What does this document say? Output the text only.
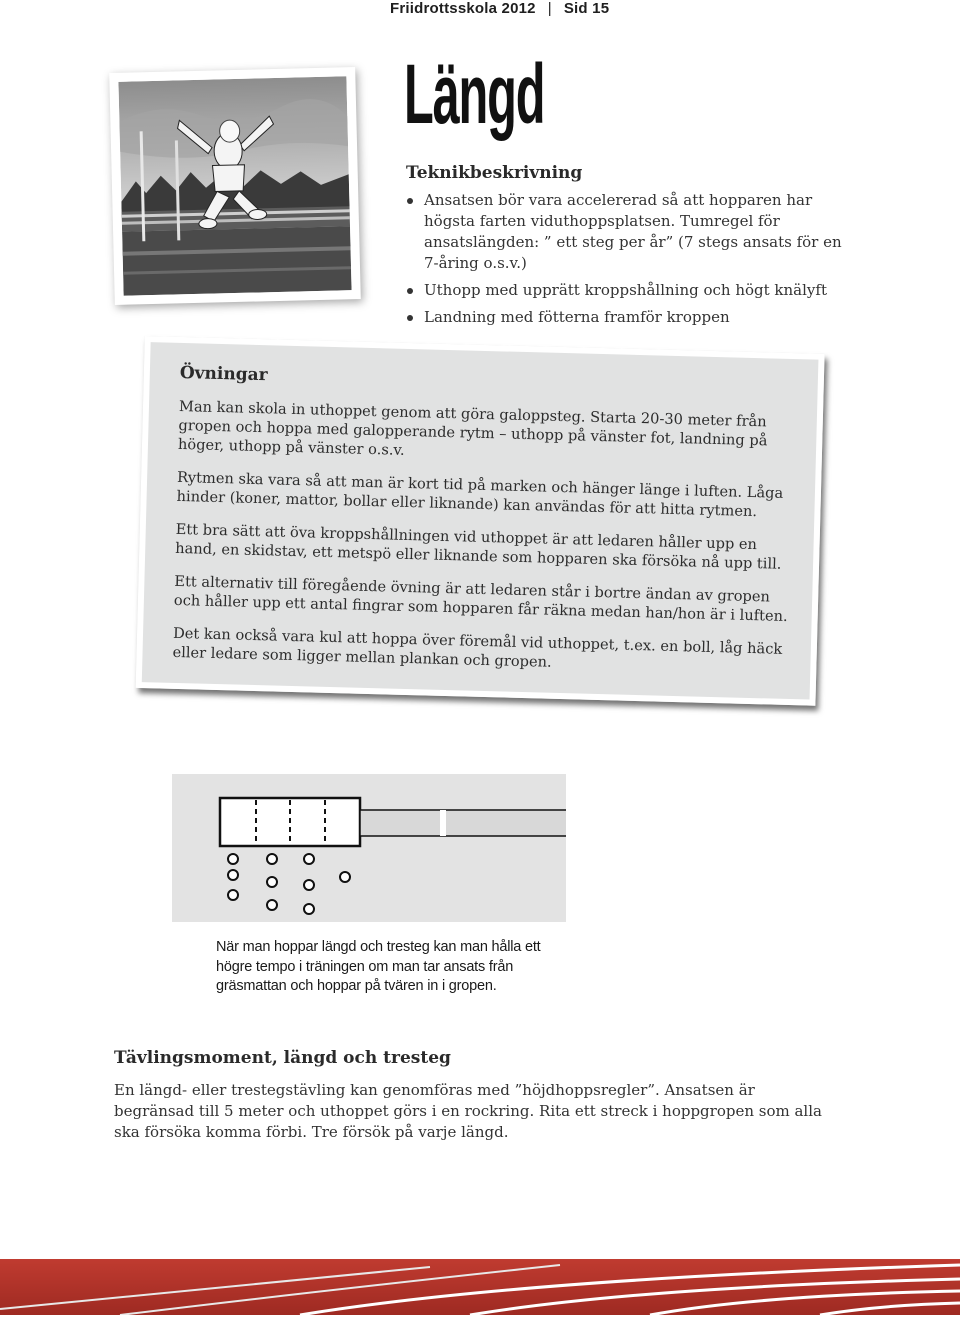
Friidrottsskola 2012 | Sid 15
Längd
Teknikbeskrivning
Ansatsen bör vara accelererad så att hopparen har högsta farten viduthoppsplatsen. Tumregel för ansatslängden: ” ett steg per år” (7 stegs ansats för en 7-åring o.s.v.)
Uthopp med upprätt kroppshållning och högt knälyft
Landning med fötterna framför kroppen
Övningar

Man kan skola in uthoppet genom att göra galoppsteg. Starta 20-30 meter från gropen och hoppa med galopperande rytm – uthopp på vänster fot, landning på höger, uthopp på vänster o.s.v.

Rytmen ska vara så att man är kort tid på marken och hänger länge i luften. Låga hinder (koner, mattor, bollar eller liknande) kan användas för att hitta rytmen.

Ett bra sätt att öva kroppshållningen vid uthoppet är att ledaren håller upp en hand, en skidstav, ett metspö eller liknande som hopparen ska försöka nå upp till.

Ett alternativ till föregående övning är att ledaren står i bortre ändan av gropen och håller upp ett antal fingrar som hopparen får räkna medan han/hon är i luften.

Det kan också vara kul att hoppa över föremål vid uthoppet, t.ex. en boll, låg häck eller ledare som ligger mellan plankan och gropen.

När man hoppar längd och tresteg kan man hålla ett högre tempo i träningen om man tar ansats från gräsmattan och hoppar på tvären in i gropen.
Tävlingsmoment, längd och tresteg

En längd- eller trestegstävling kan genomföras med ”höjdhoppsregler”. Ansatsen är begränsad till 5 meter och uthoppet görs i en rockring. Rita ett streck i hoppgropen som alla ska försöka komma förbi. Tre försök på varje längd.
